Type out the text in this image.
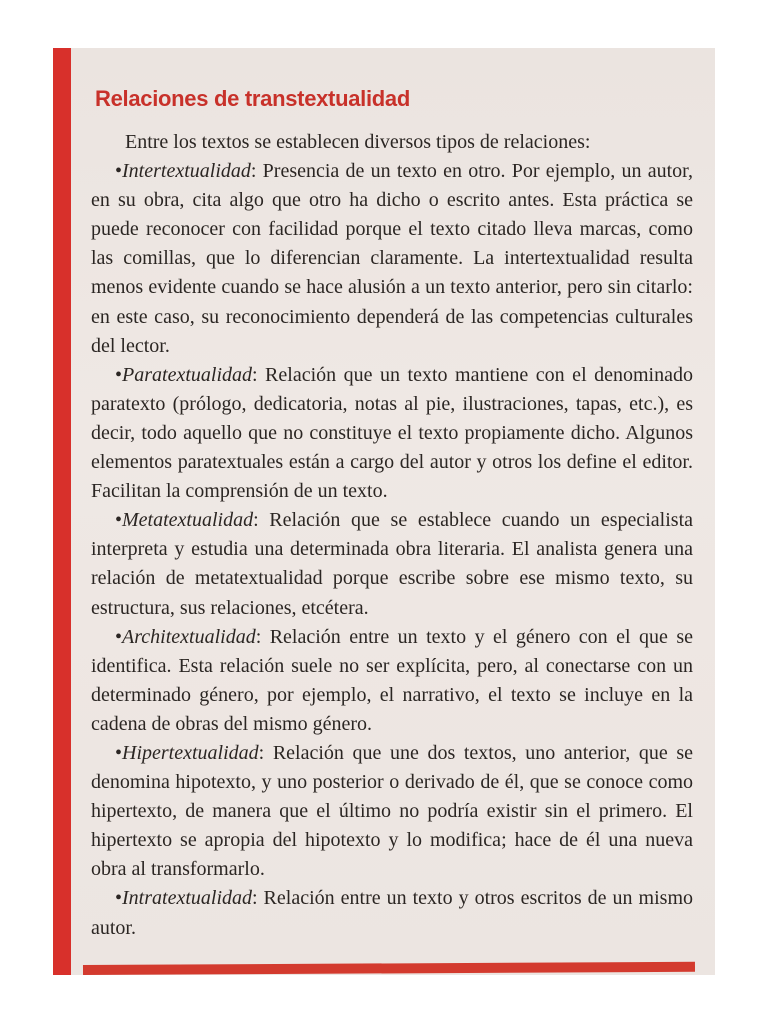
Relaciones de transtextualidad

Entre los textos se establecen diversos tipos de relaciones:

•Intertextualidad: Presencia de un texto en otro. Por ejemplo, un autor, en su obra, cita algo que otro ha dicho o escrito antes. Esta práctica se puede reconocer con facilidad porque el texto citado lleva marcas, como las comillas, que lo diferencian claramente. La intertextualidad resulta menos evidente cuando se hace alusión a un texto anterior, pero sin citarlo: en este caso, su reconocimiento dependerá de las competencias culturales del lector.

•Paratextualidad: Relación que un texto mantiene con el denominado paratexto (prólogo, dedicatoria, notas al pie, ilustraciones, tapas, etc.), es decir, todo aquello que no constituye el texto propiamente dicho. Algunos elementos paratextuales están a cargo del autor y otros los define el editor. Facilitan la comprensión de un texto.

•Metatextualidad: Relación que se establece cuando un especialista interpreta y estudia una determinada obra literaria. El analista genera una relación de metatextualidad porque escribe sobre ese mismo texto, su estructura, sus relaciones, etcétera.

•Architextualidad: Relación entre un texto y el género con el que se identifica. Esta relación suele no ser explícita, pero, al conectarse con un determinado género, por ejemplo, el narrativo, el texto se incluye en la cadena de obras del mismo género.

•Hipertextualidad: Relación que une dos textos, uno anterior, que se denomina hipotexto, y uno posterior o derivado de él, que se conoce como hipertexto, de manera que el último no podría existir sin el primero. El hipertexto se apropia del hipotexto y lo modifica; hace de él una nueva obra al transformarlo.

•Intratextualidad: Relación entre un texto y otros escritos de un mismo autor.
